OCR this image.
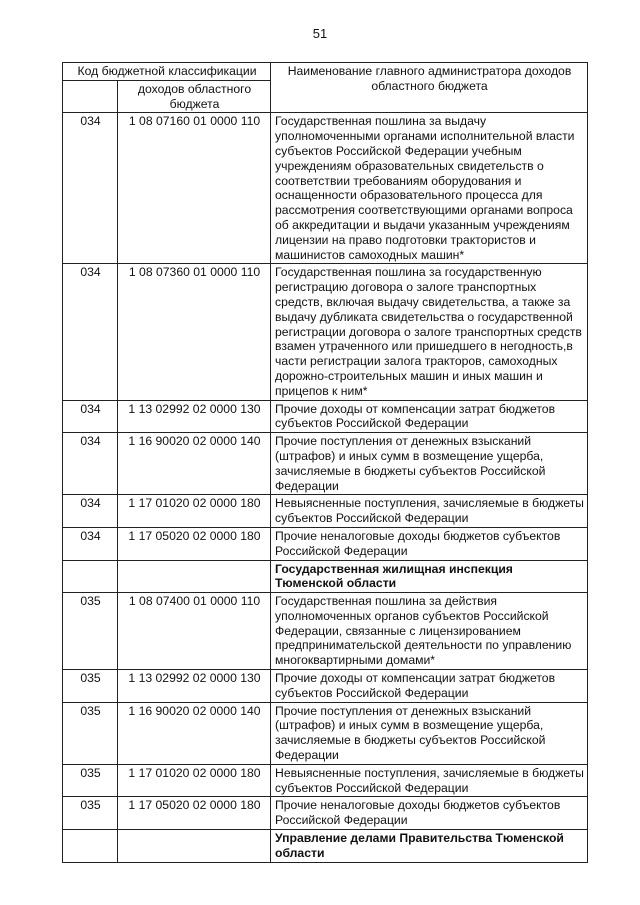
51
Код бюджетной классификации		Наименование главного администратора доходов областного бюджета
	доходов областного бюджета	
034	1 08 07160 01 0000 110	Государственная пошлина за выдачу уполномоченными органами исполнительной власти субъектов Российской Федерации учебным учреждениям образовательных свидетельств о соответствии требованиям оборудования и оснащенности образовательного процесса для рассмотрения соответствующими органами вопроса об аккредитации и выдачи указанным учреждениям лицензии на право подготовки трактористов и машинистов самоходных машин*
034	1 08 07360 01 0000 110	Государственная пошлина за государственную регистрацию договора о залоге транспортных средств, включая выдачу свидетельства, а также за выдачу дубликата свидетельства о государственной регистрации договора о залоге транспортных средств взамен утраченного или пришедшего в негодность,в части регистрации залога тракторов, самоходных дорожно-строительных машин и иных машин и прицепов к ним*
034	1 13 02992 02 0000 130	Прочие доходы от компенсации затрат бюджетов субъектов Российской Федерации
034	1 16 90020 02 0000 140	Прочие поступления от денежных взысканий (штрафов) и иных сумм в возмещение ущерба, зачисляемые в бюджеты субъектов Российской Федерации
034	1 17 01020 02 0000 180	Невыясненные поступления, зачисляемые в бюджеты субъектов Российской Федерации
034	1 17 05020 02 0000 180	Прочие неналоговые доходы бюджетов субъектов Российской Федерации
		Государственная жилищная инспекция Тюменской области
035	1 08 07400 01 0000 110	Государственная пошлина за действия уполномоченных органов субъектов Российской Федерации, связанные с лицензированием предпринимательской деятельности по управлению многоквартирными домами*
035	1 13 02992 02 0000 130	Прочие доходы от компенсации затрат бюджетов субъектов Российской Федерации
035	1 16 90020 02 0000 140	Прочие поступления от денежных взысканий (штрафов) и иных сумм в возмещение ущерба, зачисляемые в бюджеты субъектов Российской Федерации
035	1 17 01020 02 0000 180	Невыясненные поступления, зачисляемые в бюджеты субъектов Российской Федерации
035	1 17 05020 02 0000 180	Прочие неналоговые доходы бюджетов субъектов Российской Федерации
		Управление делами Правительства Тюменской области
